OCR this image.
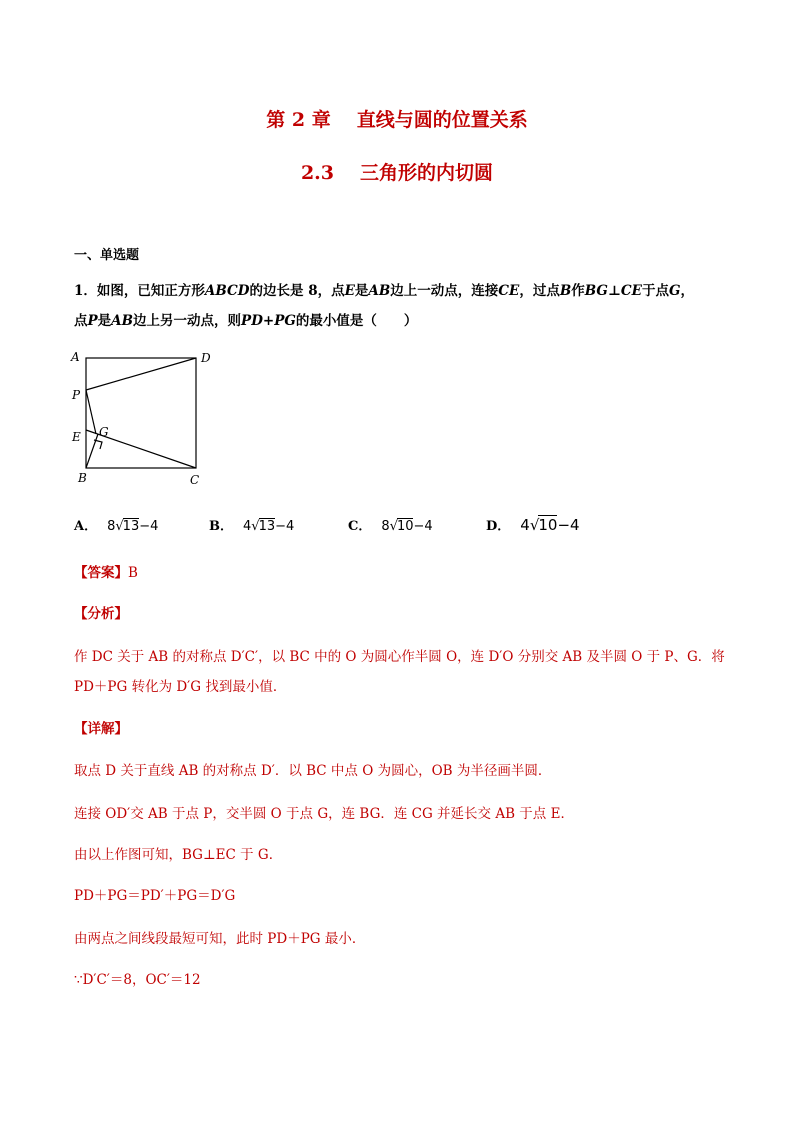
第 2 章 直线与圆的位置关系
2.3 三角形的内切圆
一、单选题
1．如图，已知正方形ABCD的边长是 8，点E是AB边上一动点，连接CE，过点B作BG⊥CE于点G，
点P是AB边上另一动点，则PD+PG的最小值是（　　）
A	D
P
E G
B	C
A． 8√13−4	B． 4√13−4	C． 8√10−4	D． 4√10−4
【答案】B
【分析】
作 DC 关于 AB 的对称点 D′C′，以 BC 中的 O 为圆心作半圆 O，连 D′O 分别交 AB 及半圆 O 于 P、G．将
PD＋PG 转化为 D′G 找到最小值．
【详解】
取点 D 关于直线 AB 的对称点 D′．以 BC 中点 O 为圆心，OB 为半径画半圆．
连接 OD′交 AB 于点 P，交半圆 O 于点 G，连 BG．连 CG 并延长交 AB 于点 E．
由以上作图可知，BG⊥EC 于 G．
PD＋PG＝PD′＋PG＝D′G
由两点之间线段最短可知，此时 PD＋PG 最小．
∵D′C′＝8，OC′＝12
